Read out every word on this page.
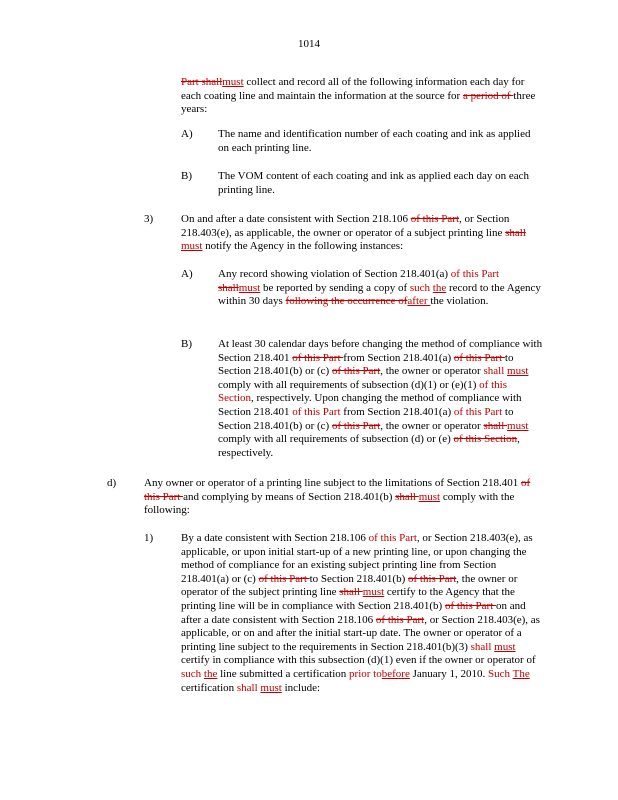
1014
Part shallmust collect and record all of the following information each day for each coating line and maintain the information at the source for a period of three years:
A) The name and identification number of each coating and ink as applied on each printing line.
B) The VOM content of each coating and ink as applied each day on each printing line.
3)	On and after a date consistent with Section 218.106 of this Part, or Section 218.403(e), as applicable, the owner or operator of a subject printing line shall must notify the Agency in the following instances:
A) Any record showing violation of Section 218.401(a) of this Part shallmust be reported by sending a copy of such the record to the Agency within 30 days following the occurrence ofafter the violation.
B) At least 30 calendar days before changing the method of compliance with Section 218.401 of this Part from Section 218.401(a) of this Part to Section 218.401(b) or (c) of this Part, the owner or operator shall must comply with all requirements of subsection (d)(1) or (e)(1) of this Section, respectively. Upon changing the method of compliance with Section 218.401 of this Part from Section 218.401(a) of this Part to Section 218.401(b) or (c) of this Part, the owner or operator shall must comply with all requirements of subsection (d) or (e) of this Section, respectively.
d)	Any owner or operator of a printing line subject to the limitations of Section 218.401 of this Part and complying by means of Section 218.401(b) shall must comply with the following:
1)	By a date consistent with Section 218.106 of this Part, or Section 218.403(e), as applicable, or upon initial start-up of a new printing line, or upon changing the method of compliance for an existing subject printing line from Section 218.401(a) or (c) of this Part to Section 218.401(b) of this Part, the owner or operator of the subject printing line shall must certify to the Agency that the printing line will be in compliance with Section 218.401(b) of this Part on and after a date consistent with Section 218.106 of this Part, or Section 218.403(e), as applicable, or on and after the initial start-up date. The owner or operator of a printing line subject to the requirements in Section 218.401(b)(3) shall must certify in compliance with this subsection (d)(1) even if the owner or operator of such the line submitted a certification prior tobefore January 1, 2010. Such The certification shall must include:
